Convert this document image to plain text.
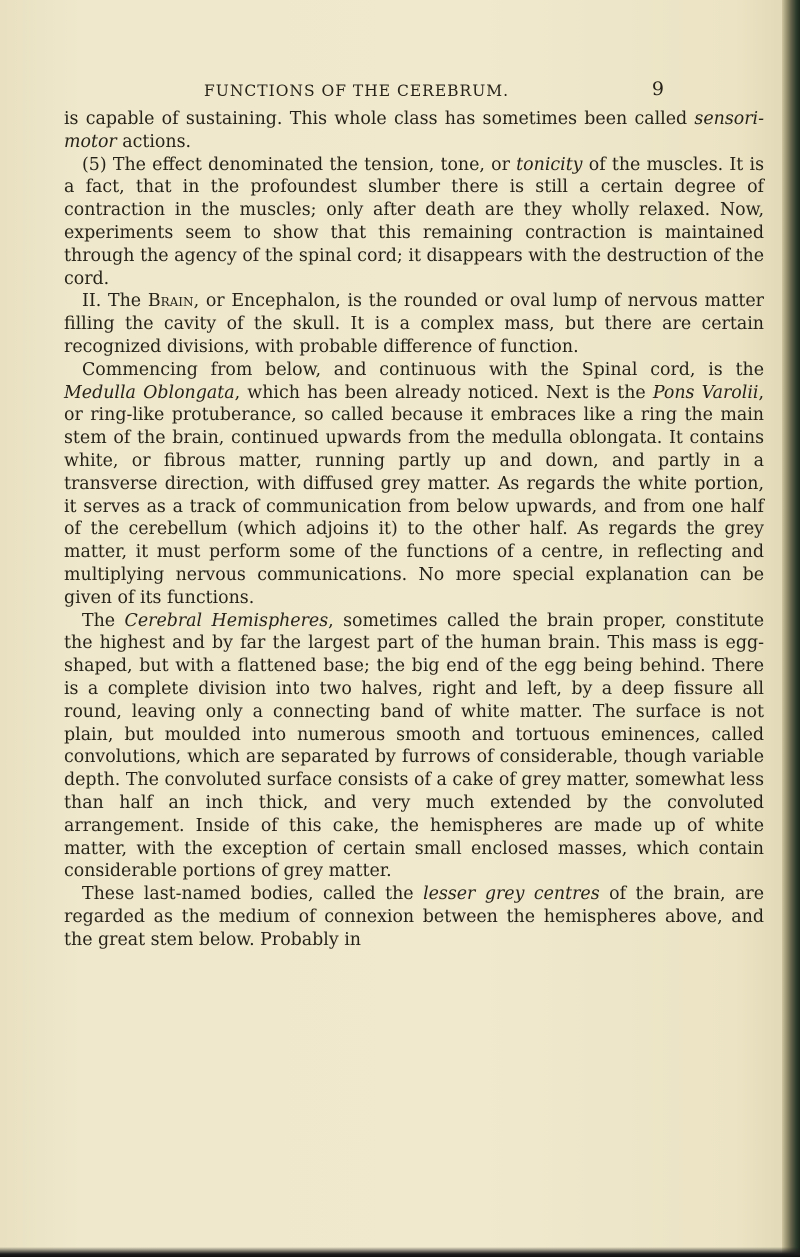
FUNCTIONS OF THE CEREBRUM.	9

is capable of sustaining. This whole class has sometimes been called sensori-motor actions.

(5) The effect denominated the tension, tone, or tonicity of the muscles. It is a fact, that in the profoundest slumber there is still a certain degree of contraction in the muscles; only after death are they wholly relaxed. Now, experiments seem to show that this remaining contraction is maintained through the agency of the spinal cord; it disappears with the destruction of the cord.

II. The Brain, or Encephalon, is the rounded or oval lump of nervous matter filling the cavity of the skull. It is a complex mass, but there are certain recognized divisions, with probable difference of function.

Commencing from below, and continuous with the Spinal cord, is the Medulla Oblongata, which has been already noticed. Next is the Pons Varolii, or ring-like protuberance, so called because it embraces like a ring the main stem of the brain, continued upwards from the medulla oblongata. It contains white, or fibrous matter, running partly up and down, and partly in a transverse direction, with diffused grey matter. As regards the white portion, it serves as a track of communication from below upwards, and from one half of the cerebellum (which adjoins it) to the other half. As regards the grey matter, it must perform some of the functions of a centre, in reflecting and multiplying nervous communications. No more special explanation can be given of its functions.

The Cerebral Hemispheres, sometimes called the brain proper, constitute the highest and by far the largest part of the human brain. This mass is egg-shaped, but with a flattened base; the big end of the egg being behind. There is a complete division into two halves, right and left, by a deep fissure all round, leaving only a connecting band of white matter. The surface is not plain, but moulded into numerous smooth and tortuous eminences, called convolutions, which are separated by furrows of considerable, though variable depth. The convoluted surface consists of a cake of grey matter, somewhat less than half an inch thick, and very much extended by the convoluted arrangement. Inside of this cake, the hemispheres are made up of white matter, with the exception of certain small enclosed masses, which contain considerable portions of grey matter.

These last-named bodies, called the lesser grey centres of the brain, are regarded as the medium of connexion between the hemispheres above, and the great stem below. Probably in
